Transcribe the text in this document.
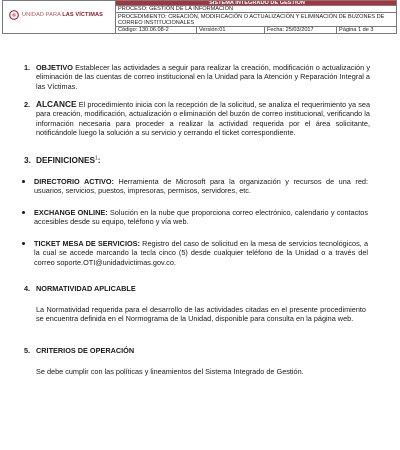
UNIDAD PARA LAS VÍCTIMAS
SISTEMA INTEGRADO DE GESTIÓN
PROCESO: GESTIÓN DE LA INFORMACIÓN
PROCEDIMIENTO: CREACIÓN, MODIFICACIÓN O ACTUALIZACIÓN Y ELIMINACIÓN DE BUZONES DE CORREO INSTITUCIONALES
Código: 130.06.08-2	Versión:01	Fecha: 25/03/2017	Página 1 de 3
1. OBJETIVO Establecer las actividades a seguir para realizar la creación, modificación o actualización y eliminación de las cuentas de correo institucional en la Unidad para la Atención y Reparación Integral a las Víctimas.
2. ALCANCE El procedimiento inicia con la recepción de la solicitud, se analiza el requerimiento ya sea para creación, modificación, actualización o eliminación del buzón de correo institucional, verificando la información necesaria para proceder a realizar la actividad requerida por el área solicitante, notificándole luego la solución a su servicio y cerrando el ticket correspondiente.
3. DEFINICIONES$^1$:
DIRECTORIO ACTIVO: Herramienta de Microsoft para la organización y recursos de una red: usuarios, servicios, puestos, impresoras, permisos, servidores, etc.
EXCHANGE ONLINE: Solución en la nube que proporciona correo electrónico, calendario y contactos accesibles desde su equipo, teléfono y vía web.
TICKET MESA DE SERVICIOS: Registro del caso de solicitud en la mesa de servicios tecnológicos, a la cual se accede marcando la tecla cinco (5) desde cualquier teléfono de la Unidad o a través del correo soporte.OTI@unidadvictimas.gov.co.
4. NORMATIVIDAD APLICABLE
La Normatividad requerida para el desarrollo de las actividades citadas en el presente procedimiento se encuentra definida en el Normograma de la Unidad, disponible para consulta en la página web.
5. CRITERIOS DE OPERACIÓN
Se debe cumplir con las políticas y lineamientos del Sistema Integrado de Gestión.
